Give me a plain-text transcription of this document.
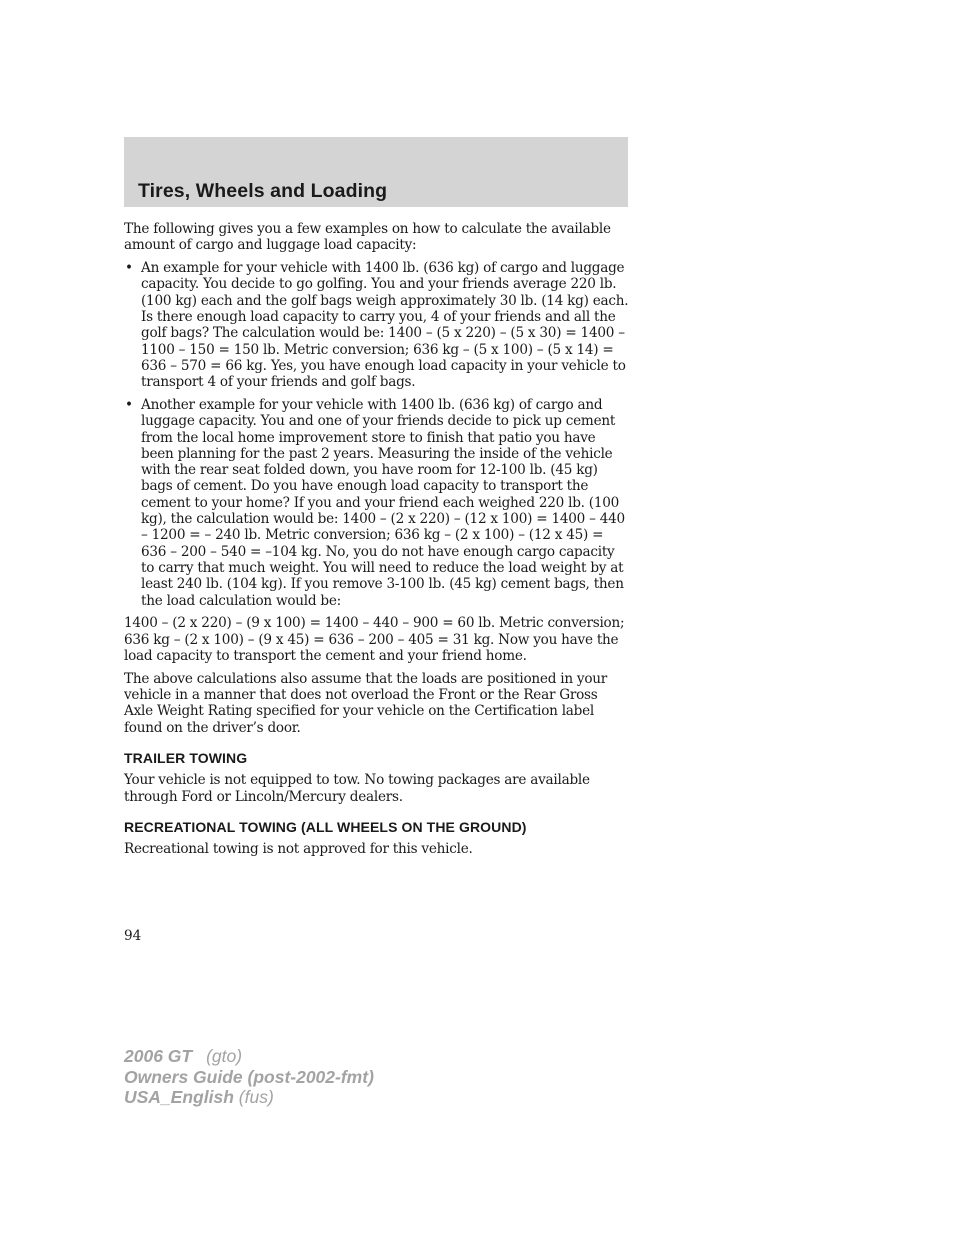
Tires, Wheels and Loading

The following gives you a few examples on how to calculate the available amount of cargo and luggage load capacity:

• An example for your vehicle with 1400 lb. (636 kg) of cargo and luggage capacity. You decide to go golfing. You and your friends average 220 lb. (100 kg) each and the golf bags weigh approximately 30 lb. (14 kg) each. Is there enough load capacity to carry you, 4 of your friends and all the golf bags? The calculation would be: 1400 – (5 x 220) – (5 x 30) = 1400 – 1100 – 150 = 150 lb. Metric conversion; 636 kg – (5 x 100) – (5 x 14) = 636 – 570 = 66 kg. Yes, you have enough load capacity in your vehicle to transport 4 of your friends and golf bags.
• Another example for your vehicle with 1400 lb. (636 kg) of cargo and luggage capacity. You and one of your friends decide to pick up cement from the local home improvement store to finish that patio you have been planning for the past 2 years. Measuring the inside of the vehicle with the rear seat folded down, you have room for 12-100 lb. (45 kg) bags of cement. Do you have enough load capacity to transport the cement to your home? If you and your friend each weighed 220 lb. (100 kg), the calculation would be: 1400 – (2 x 220) – (12 x 100) = 1400 – 440 – 1200 = – 240 lb. Metric conversion; 636 kg – (2 x 100) – (12 x 45) = 636 – 200 – 540 = –104 kg. No, you do not have enough cargo capacity to carry that much weight. You will need to reduce the load weight by at least 240 lb. (104 kg). If you remove 3-100 lb. (45 kg) cement bags, then the load calculation would be:

1400 – (2 x 220) – (9 x 100) = 1400 – 440 – 900 = 60 lb. Metric conversion; 636 kg – (2 x 100) – (9 x 45) = 636 – 200 – 405 = 31 kg. Now you have the load capacity to transport the cement and your friend home.

The above calculations also assume that the loads are positioned in your vehicle in a manner that does not overload the Front or the Rear Gross Axle Weight Rating specified for your vehicle on the Certification label found on the driver’s door.

TRAILER TOWING

Your vehicle is not equipped to tow. No towing packages are available through Ford or Lincoln/Mercury dealers.

RECREATIONAL TOWING (ALL WHEELS ON THE GROUND)

Recreational towing is not approved for this vehicle.

94
2006 GT (gto)
Owners Guide (post-2002-fmt)
USA_English (fus)
